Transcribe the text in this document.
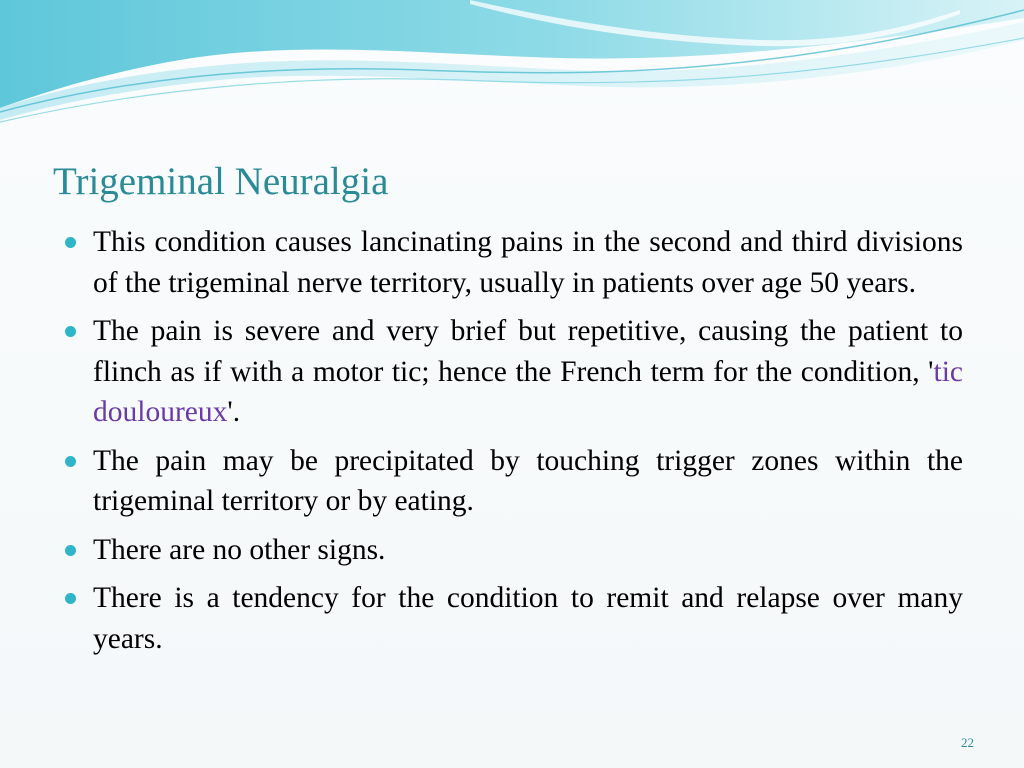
Trigeminal Neuralgia
This condition causes lancinating pains in the second and third divisions of the trigeminal nerve territory, usually in patients over age 50 years.
The pain is severe and very brief but repetitive, causing the patient to flinch as if with a motor tic; hence the French term for the condition, 'tic douloureux'.
The pain may be precipitated by touching trigger zones within the trigeminal territory or by eating.
There are no other signs.
There is a tendency for the condition to remit and relapse over many years.
22
